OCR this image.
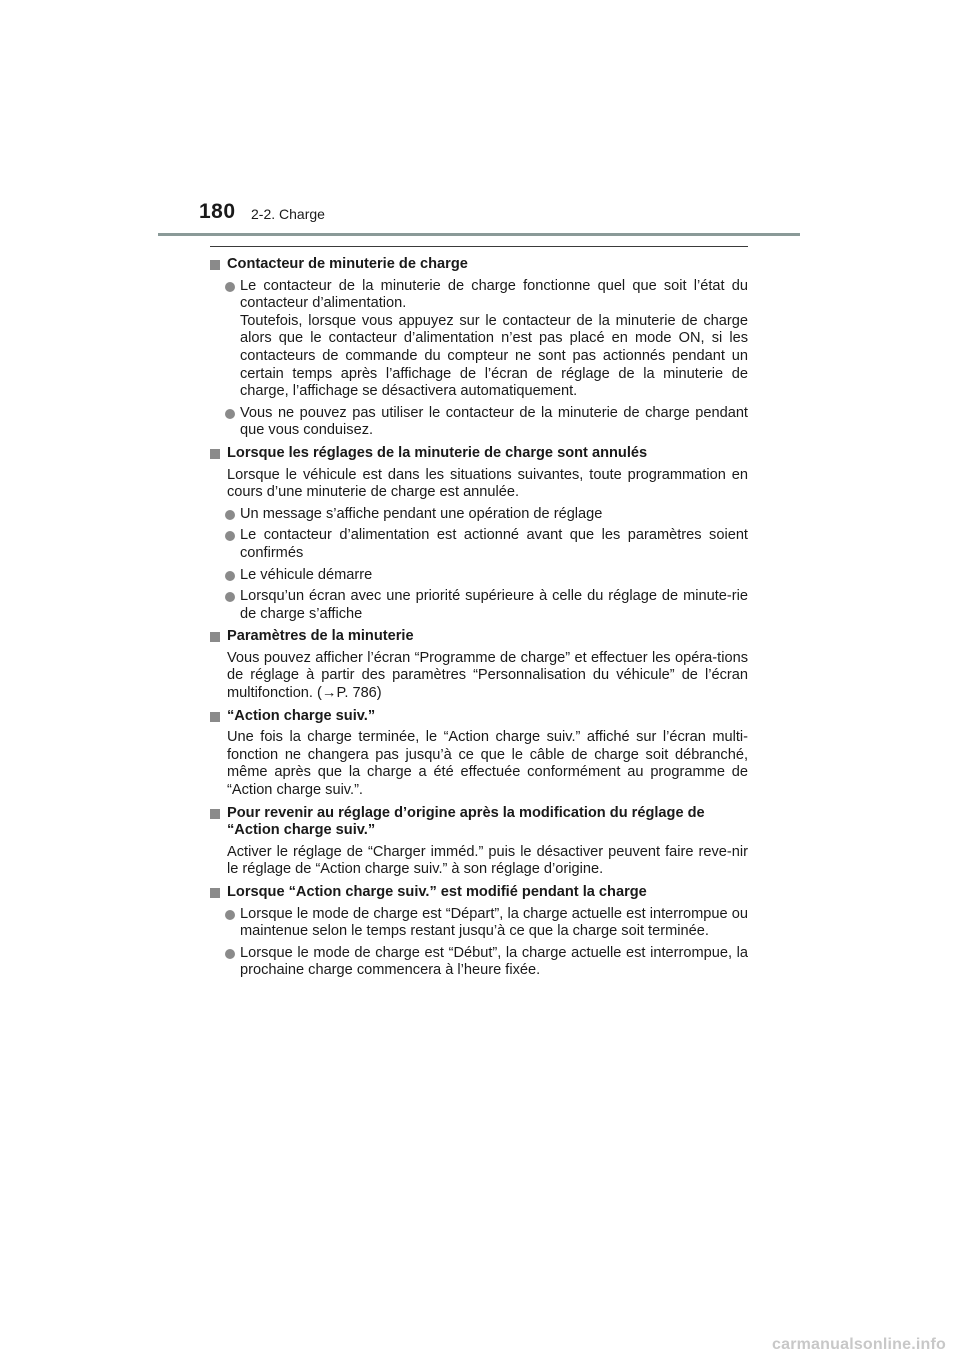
180 2-2. Charge
Contacteur de minuterie de charge
Le contacteur de la minuterie de charge fonctionne quel que soit l’état du contacteur d’alimentation.
Toutefois, lorsque vous appuyez sur le contacteur de la minuterie de charge alors que le contacteur d’alimentation n’est pas placé en mode ON, si les contacteurs de commande du compteur ne sont pas actionnés pendant un certain temps après l’affichage de l’écran de réglage de la minuterie de charge, l’affichage se désactivera automatiquement.
Vous ne pouvez pas utiliser le contacteur de la minuterie de charge pendant que vous conduisez.
Lorsque les réglages de la minuterie de charge sont annulés
Lorsque le véhicule est dans les situations suivantes, toute programmation en cours d’une minuterie de charge est annulée.
Un message s’affiche pendant une opération de réglage
Le contacteur d’alimentation est actionné avant que les paramètres soient confirmés
Le véhicule démarre
Lorsqu’un écran avec une priorité supérieure à celle du réglage de minute-rie de charge s’affiche
Paramètres de la minuterie
Vous pouvez afficher l’écran “Programme de charge” et effectuer les opéra-tions de réglage à partir des paramètres “Personnalisation du véhicule” de l’écran multifonction. (→P. 786)
“Action charge suiv.”
Une fois la charge terminée, le “Action charge suiv.” affiché sur l’écran multi-fonction ne changera pas jusqu’à ce que le câble de charge soit débranché, même après que la charge a été effectuée conformément au programme de “Action charge suiv.”.
Pour revenir au réglage d’origine après la modification du réglage de “Action charge suiv.”
Activer le réglage de “Charger imméd.” puis le désactiver peuvent faire reve-nir le réglage de “Action charge suiv.” à son réglage d’origine.
Lorsque “Action charge suiv.” est modifié pendant la charge
Lorsque le mode de charge est “Départ”, la charge actuelle est interrompue ou maintenue selon le temps restant jusqu’à ce que la charge soit terminée.
Lorsque le mode de charge est “Début”, la charge actuelle est interrompue, la prochaine charge commencera à l’heure fixée.
carmanualsonline.info
